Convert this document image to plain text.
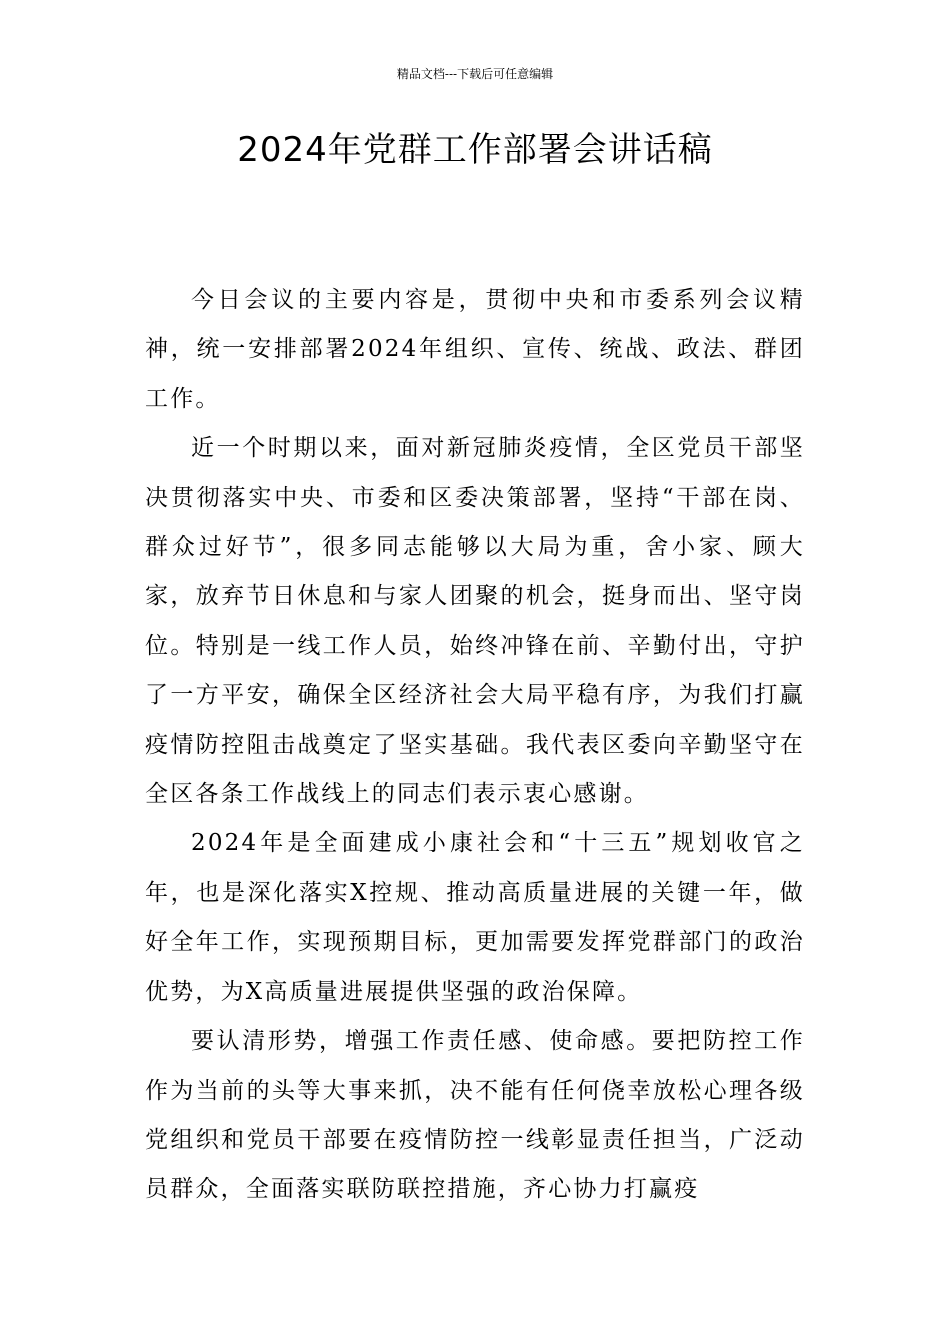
精品文档---下载后可任意编辑
2024年党群工作部署会讲话稿

今日会议的主要内容是，贯彻中央和市委系列会议精神，统一安排部署2024年组织、宣传、统战、政法、群团工作。

近一个时期以来，面对新冠肺炎疫情，全区党员干部坚决贯彻落实中央、市委和区委决策部署，坚持“干部在岗、群众过好节”，很多同志能够以大局为重，舍小家、顾大家，放弃节日休息和与家人团聚的机会，挺身而出、坚守岗位。特别是一线工作人员，始终冲锋在前、辛勤付出，守护了一方平安，确保全区经济社会大局平稳有序，为我们打赢疫情防控阻击战奠定了坚实基础。我代表区委向辛勤坚守在全区各条工作战线上的同志们表示衷心感谢。

2024年是全面建成小康社会和“十三五”规划收官之年，也是深化落实X控规、推动高质量进展的关键一年，做好全年工作，实现预期目标，更加需要发挥党群部门的政治优势，为X高质量进展提供坚强的政治保障。

要认清形势，增强工作责任感、使命感。要把防控工作作为当前的头等大事来抓，决不能有任何侥幸放松心理各级党组织和党员干部要在疫情防控一线彰显责任担当，广泛动员群众，全面落实联防联控措施，齐心协力打赢疫
